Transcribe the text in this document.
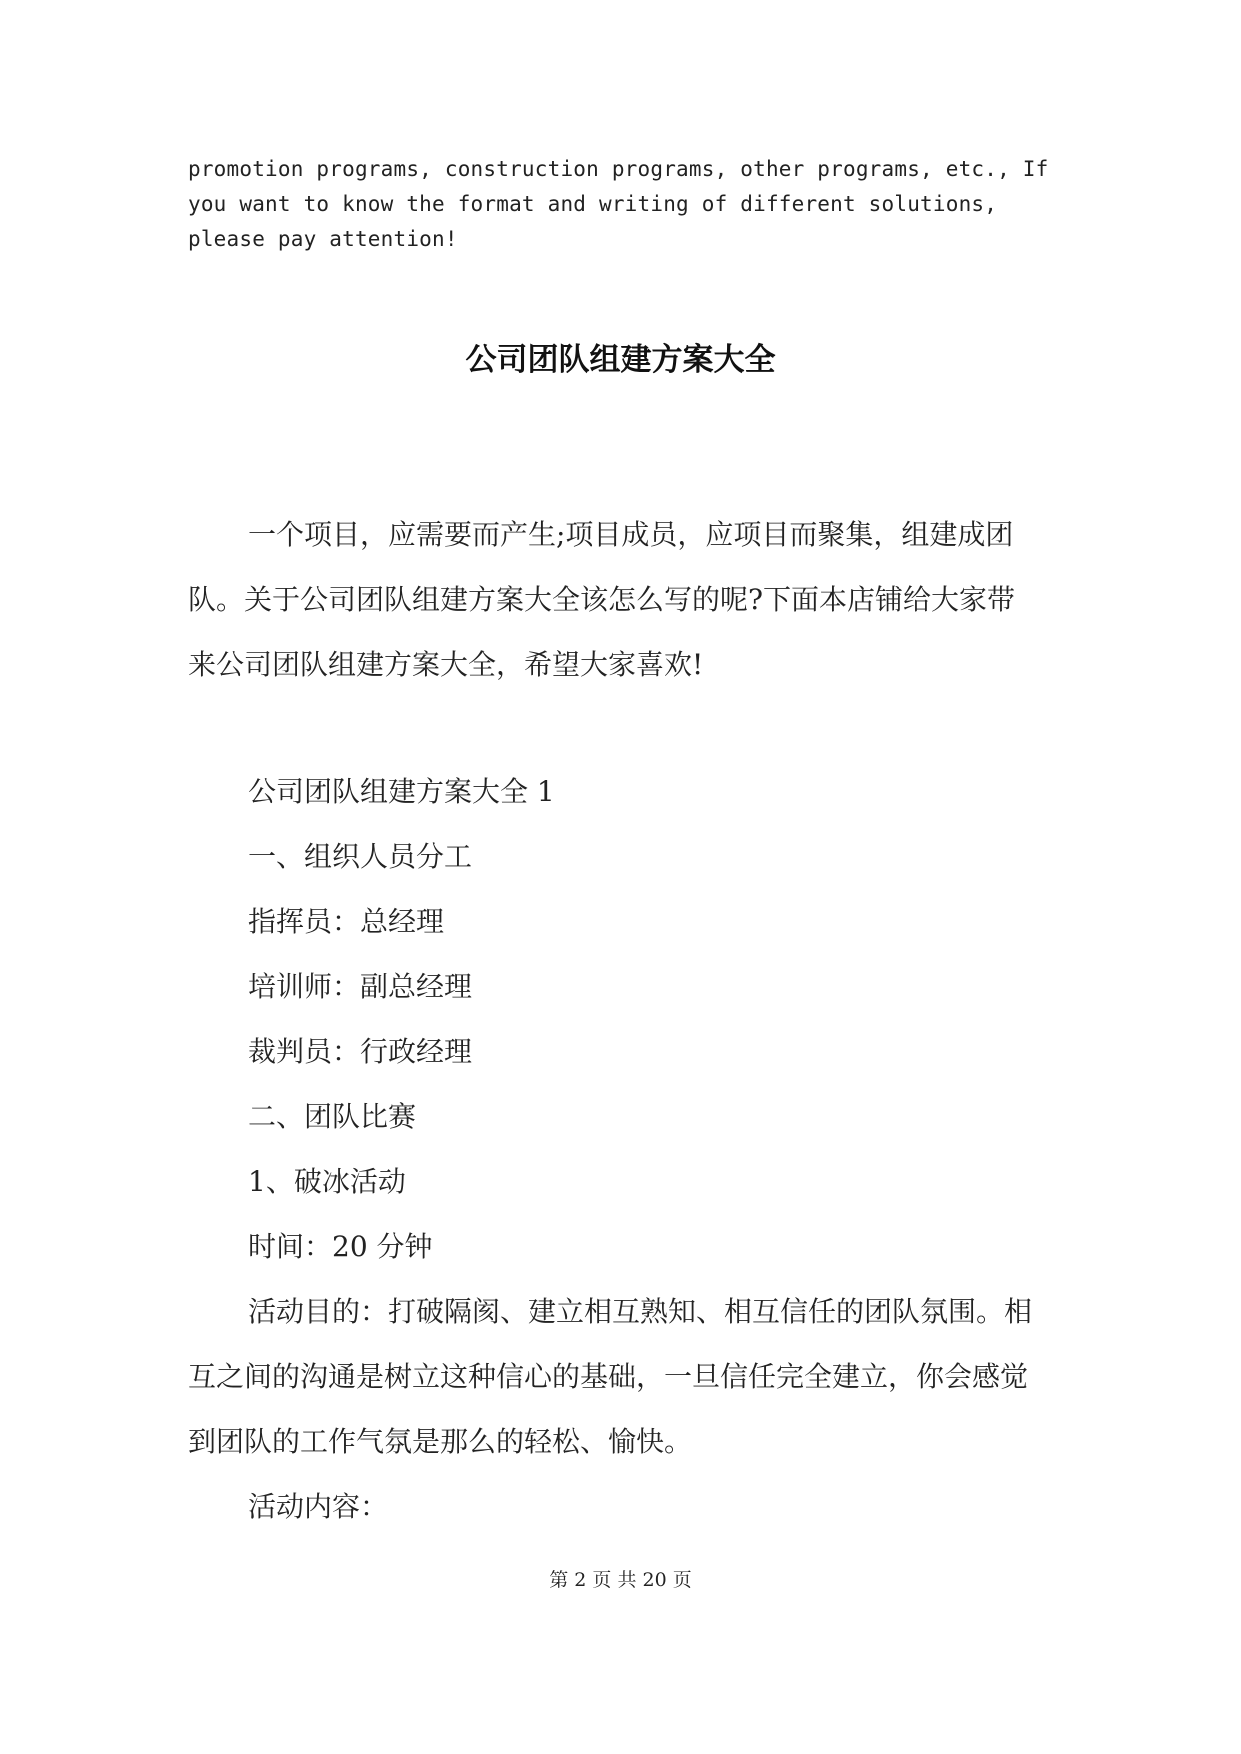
promotion programs, construction programs, other programs, etc., If
you want to know the format and writing of different solutions,
please pay attention!

公司团队组建方案大全

一个项目，应需要而产生;项目成员，应项目而聚集，组建成团
队。关于公司团队组建方案大全该怎么写的呢?下面本店铺给大家带
来公司团队组建方案大全，希望大家喜欢!

公司团队组建方案大全 1
一、组织人员分工
指挥员：总经理
培训师：副总经理
裁判员：行政经理
二、团队比赛
1、破冰活动
时间：20 分钟

活动目的：打破隔阂、建立相互熟知、相互信任的团队氛围。相
互之间的沟通是树立这种信心的基础，一旦信任完全建立，你会感觉
到团队的工作气氛是那么的轻松、愉快。

活动内容：

第 2 页 共 20 页
